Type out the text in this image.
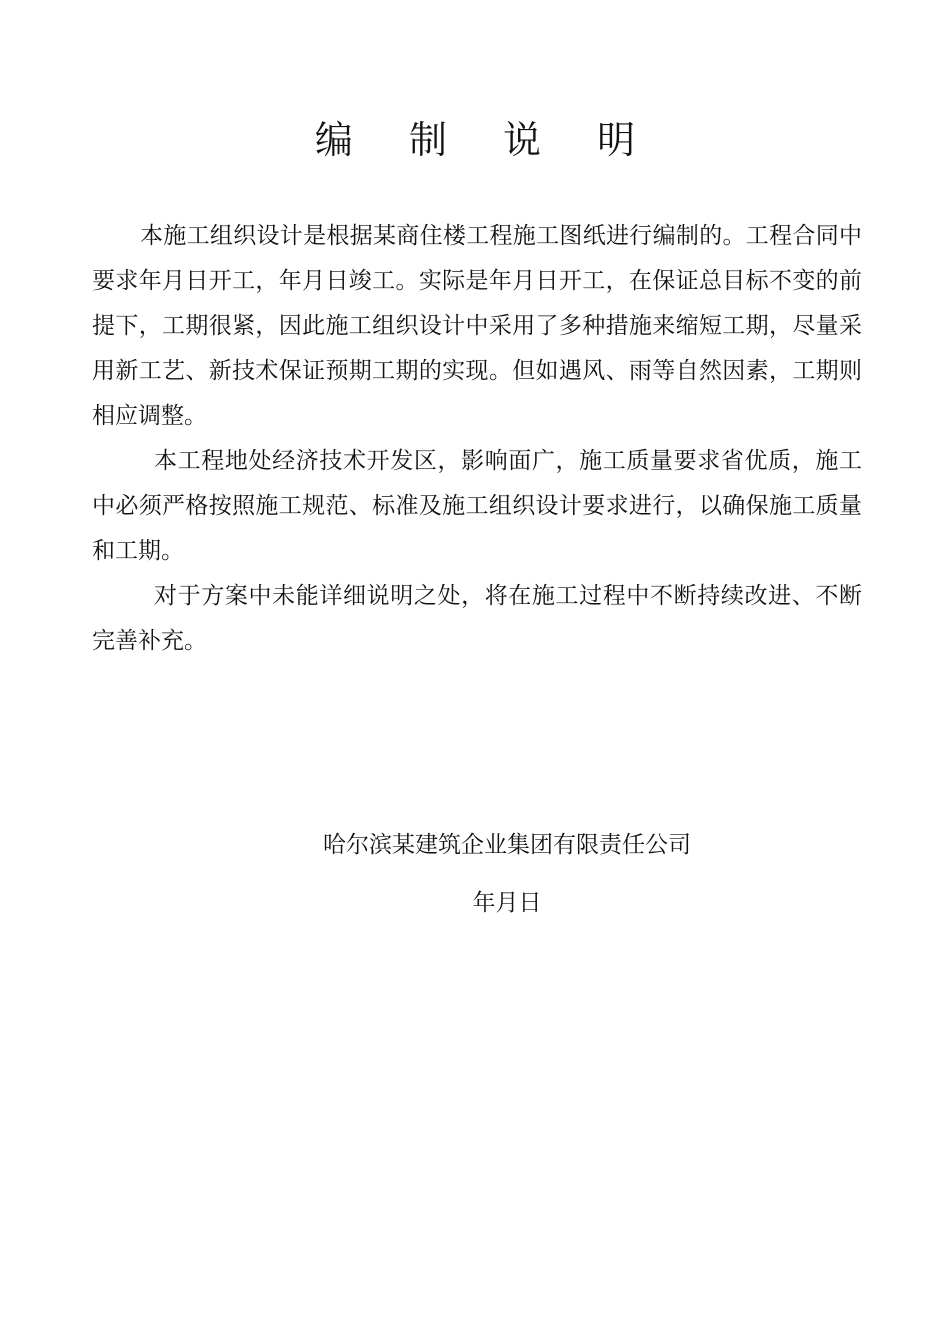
编 制 说 明

本施工组织设计是根据某商住楼工程施工图纸进行编制的。工程合同中要求年月日开工，年月日竣工。实际是年月日开工，在保证总目标不变的前提下，工期很紧，因此施工组织设计中采用了多种措施来缩短工期，尽量采用新工艺、新技术保证预期工期的实现。但如遇风、雨等自然因素，工期则相应调整。

本工程地处经济技术开发区，影响面广，施工质量要求省优质，施工中必须严格按照施工规范、标准及施工组织设计要求进行，以确保施工质量和工期。

对于方案中未能详细说明之处，将在施工过程中不断持续改进、不断完善补充。

哈尔滨某建筑企业集团有限责任公司

年月日
